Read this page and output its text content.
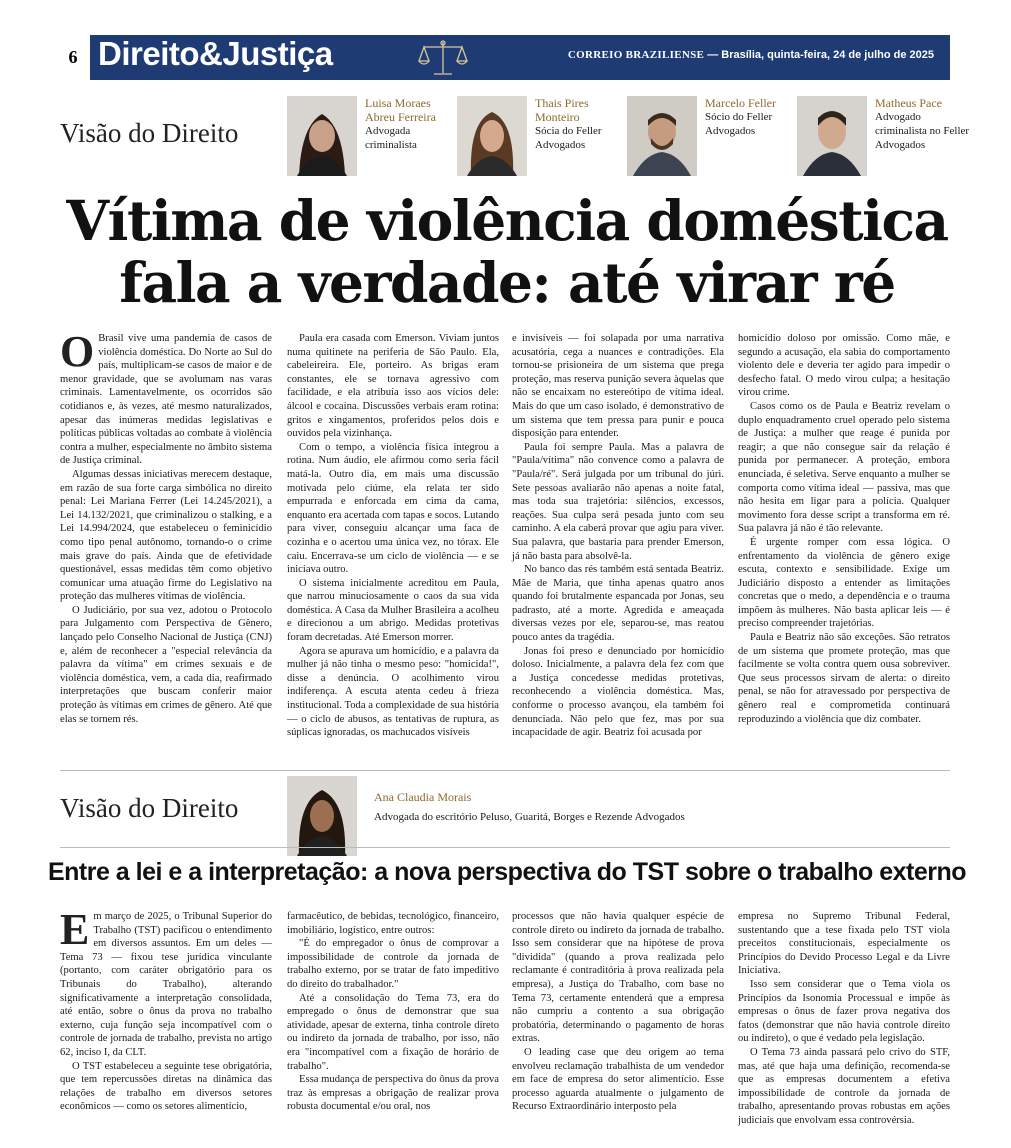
6 Direito&Justiça	CORREIO BRAZILIENSE — Brasília, quinta-feira, 24 de julho de 2025
Visão do Direito
Luisa Moraes Abreu Ferreira
Advogada criminalista
Thais Pires Monteiro
Sócia do Feller Advogados
Marcelo Feller
Sócio do Feller Advogados
Matheus Pace
Advogado criminalista no Feller Advogados
Vítima de violência doméstica
fala a verdade: até virar ré

O Brasil vive uma pandemia de casos de violência doméstica. Do Norte ao Sul do país, multiplicam-se casos de maior e de menor gravidade, que se avolumam nas varas criminais. Lamentavelmente, os ocorridos são cotidianos e, às vezes, até mesmo naturalizados, apesar das inúmeras medidas legislativas e políticas públicas voltadas ao combate à violência contra a mulher, especialmente no âmbito sistema de Justiça criminal.

Algumas dessas iniciativas merecem destaque, em razão de sua forte carga simbólica no direito penal: Lei Mariana Ferrer (Lei 14.245/2021), a Lei 14.132/2021, que criminalizou o stalking, e a Lei 14.994/2024, que estabeleceu o feminicídio como tipo penal autônomo, tornando-o o crime mais grave do país. Ainda que de efetividade questionável, essas medidas têm como objetivo comunicar uma atuação firme do Legislativo na proteção das mulheres vítimas de violência.

O Judiciário, por sua vez, adotou o Protocolo para Julgamento com Perspectiva de Gênero, lançado pelo Conselho Nacional de Justiça (CNJ) e, além de reconhecer a "especial relevância da palavra da vítima" em crimes sexuais e de violência doméstica, vem, a cada dia, reafirmado interpretações que buscam conferir maior proteção às vítimas em crimes de gênero. Até que elas se tornem rés.

Paula era casada com Emerson. Viviam juntos numa quitinete na periferia de São Paulo. Ela, cabeleireira. Ele, porteiro. As brigas eram constantes, ele se tornava agressivo com facilidade, e ela atribuía isso aos vícios dele: álcool e cocaína. Discussões verbais eram rotina: gritos e xingamentos, proferidos pelos dois e ouvidos pela vizinhança.

Com o tempo, a violência física integrou a rotina. Num áudio, ele afirmou como seria fácil matá-la. Outro dia, em mais uma discussão motivada pelo ciúme, ela relata ter sido empurrada e enforcada em cima da cama, enquanto era acertada com tapas e socos. Lutando para viver, conseguiu alcançar uma faca de cozinha e o acertou uma única vez, no tórax. Ele caiu. Encerrava-se um ciclo de violência — e se iniciava outro.

O sistema inicialmente acreditou em Paula, que narrou minuciosamente o caos da sua vida doméstica. A Casa da Mulher Brasileira a acolheu e direcionou a um abrigo. Medidas protetivas foram decretadas. Até Emerson morrer.

Agora se apurava um homicídio, e a palavra da mulher já não tinha o mesmo peso: "homicida!", disse a denúncia. O acolhimento virou indiferença. A escuta atenta cedeu à frieza institucional. Toda a complexidade de sua história — o ciclo de abusos, as tentativas de ruptura, as súplicas ignoradas, os machucados visíveis

e invisíveis — foi solapada por uma narrativa acusatória, cega a nuances e contradições. Ela tornou-se prisioneira de um sistema que prega proteção, mas reserva punição severa àquelas que não se encaixam no estereótipo de vítima ideal. Mais do que um caso isolado, é demonstrativo de um sistema que tem pressa para punir e pouca disposição para entender.

Paula foi sempre Paula. Mas a palavra de "Paula/vítima" não convence como a palavra de "Paula/ré". Será julgada por um tribunal do júri. Sete pessoas avaliarão não apenas a noite fatal, mas toda sua trajetória: silêncios, excessos, reações. Sua culpa será pesada junto com seu caminho. A ela caberá provar que agiu para viver. Sua palavra, que bastaria para prender Emerson, já não basta para absolvê-la.

No banco das rés também está sentada Beatriz. Mãe de Maria, que tinha apenas quatro anos quando foi brutalmente espancada por Jonas, seu padrasto, até a morte. Agredida e ameaçada diversas vezes por ele, separou-se, mas reatou pouco antes da tragédia.

Jonas foi preso e denunciado por homicídio doloso. Inicialmente, a palavra dela fez com que a Justiça concedesse medidas protetivas, reconhecendo a violência doméstica. Mas, conforme o processo avançou, ela também foi denunciada. Não pelo que fez, mas por sua incapacidade de agir. Beatriz foi acusada por

homicídio doloso por omissão. Como mãe, e segundo a acusação, ela sabia do comportamento violento dele e deveria ter agido para impedir o desfecho fatal. O medo virou culpa; a hesitação virou crime.

Casos como os de Paula e Beatriz revelam o duplo enquadramento cruel operado pelo sistema de Justiça: a mulher que reage é punida por reagir; a que não consegue sair da relação é punida por permanecer. A proteção, embora enunciada, é seletiva. Serve enquanto a mulher se comporta como vítima ideal — passiva, mas que não hesita em ligar para a polícia. Qualquer movimento fora desse script a transforma em ré. Sua palavra já não é tão relevante.

É urgente romper com essa lógica. O enfrentamento da violência de gênero exige escuta, contexto e sensibilidade. Exige um Judiciário disposto a entender as limitações concretas que o medo, a dependência e o trauma impõem às mulheres. Não basta aplicar leis — é preciso compreender trajetórias.

Paula e Beatriz não são exceções. São retratos de um sistema que promete proteção, mas que facilmente se volta contra quem ousa sobreviver. Que seus processos sirvam de alerta: o direito penal, se não for atravessado por perspectiva de gênero real e comprometida continuará reproduzindo a violência que diz combater.

Visão do Direito	Ana Claudia Morais
Advogada do escritório Peluso, Guaritá, Borges e Rezende Advogados
Entre a lei e a interpretação: a nova perspectiva do TST sobre o trabalho externo

Em março de 2025, o Tribunal Superior do Trabalho (TST) pacificou o entendimento em diversos assuntos. Em um deles — Tema 73 — fixou tese jurídica vinculante (portanto, com caráter obrigatório para os Tribunais do Trabalho), alterando significativamente a interpretação consolidada, até então, sobre o ônus da prova no trabalho externo, cuja função seja incompatível com o controle de jornada de trabalho, prevista no artigo 62, inciso I, da CLT.

O TST estabeleceu a seguinte tese obrigatória, que tem repercussões diretas na dinâmica das relações de trabalho em diversos setores econômicos — como os setores alimentício,

farmacêutico, de bebidas, tecnológico, financeiro, imobiliário, logístico, entre outros:

"É do empregador o ônus de comprovar a impossibilidade de controle da jornada de trabalho externo, por se tratar de fato impeditivo do direito do trabalhador."

Até a consolidação do Tema 73, era do empregado o ônus de demonstrar que sua atividade, apesar de externa, tinha controle direto ou indireto da jornada de trabalho, por isso, não era "incompatível com a fixação de horário de trabalho".

Essa mudança de perspectiva do ônus da prova traz às empresas a obrigação de realizar prova robusta documental e/ou oral, nos

processos que não havia qualquer espécie de controle direto ou indireto da jornada de trabalho. Isso sem considerar que na hipótese de prova "dividida" (quando a prova realizada pelo reclamante é contraditória à prova realizada pela empresa), a Justiça do Trabalho, com base no Tema 73, certamente entenderá que a empresa não cumpriu a contento a sua obrigação probatória, determinando o pagamento de horas extras.

O leading case que deu origem ao tema envolveu reclamação trabalhista de um vendedor em face de empresa do setor alimentício. Esse processo aguarda atualmente o julgamento de Recurso Extraordinário interposto pela

empresa no Supremo Tribunal Federal, sustentando que a tese fixada pelo TST viola preceitos constitucionais, especialmente os Princípios do Devido Processo Legal e da Livre Iniciativa.

Isso sem considerar que o Tema viola os Princípios da Isonomia Processual e impõe às empresas o ônus de fazer prova negativa dos fatos (demonstrar que não havia controle direito ou indireto), o que é vedado pela legislação.

O Tema 73 ainda passará pelo crivo do STF, mas, até que haja uma definição, recomenda-se que as empresas documentem a efetiva impossibilidade de controle da jornada de trabalho, apresentando provas robustas em ações judiciais que envolvam essa controvérsia.
